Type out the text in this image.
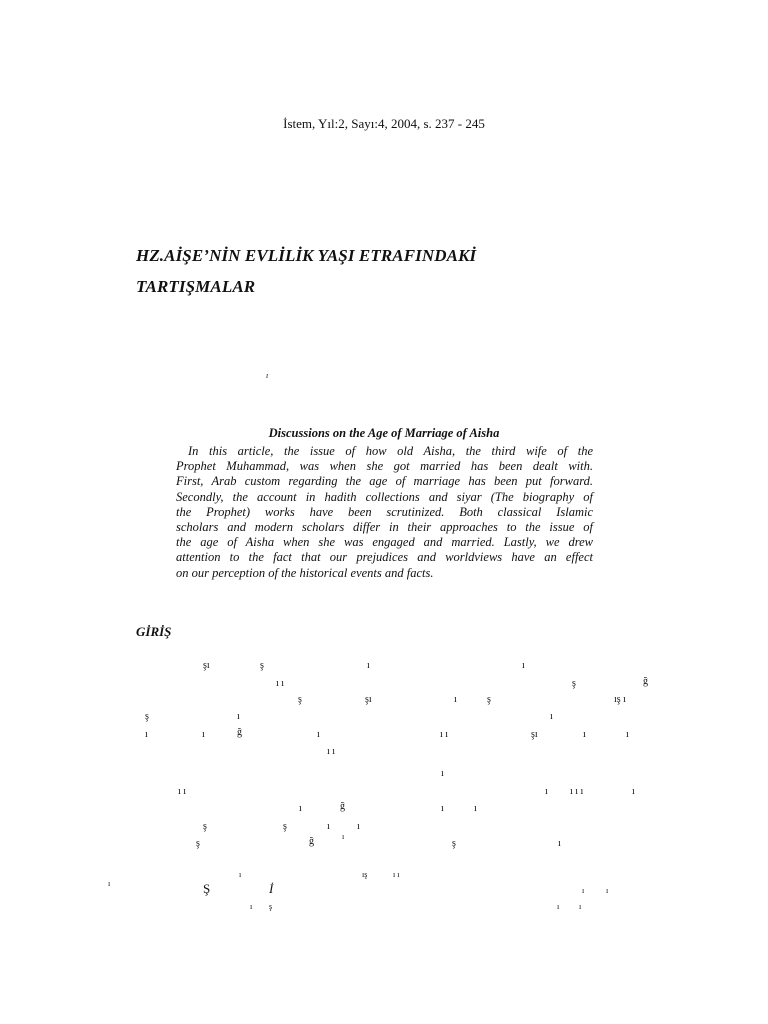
İstem, Yıl:2, Sayı:4, 2004, s. 237 - 245
HZ.AİŞE’NİN EVLİLİK YAŞI ETRAFINDAKİ
TARTIŞMALAR
ı
Discussions on the Age of Marriage of Aisha
In this article, the issue of how old Aisha, the third wife of the
Prophet Muhammad, was when she got married has been dealt with.
First, Arab custom regarding the age of marriage has been put forward.
Secondly, the account in hadith collections and siyar (The biography of
the Prophet) works have been scrutinized. Both classical Islamic
scholars and modern scholars differ in their approaches to the issue of
the age of Aisha when she was engaged and married. Lastly, we drew
attention to the fact that our prejudices and worldviews have an effect
on our perception of the historical events and facts.
GİRİŞ
şı	ş	ı	ı
ı ı	ş	ğ
ş	şı	ı	ş	ış ı
ş	ı	ı
ı	ı	ğ	ı	ı ı	şı	ı	ı
ı ı
ı
ı ı	ı ı ı ı	ı
ı	ğ	ı	ı
ş	ş	ı	ı
ı
ş	ğ	ş	ı
ı	ış	ı ı
ı	Ş	İ	ı	ı
ı ş	ı ı
